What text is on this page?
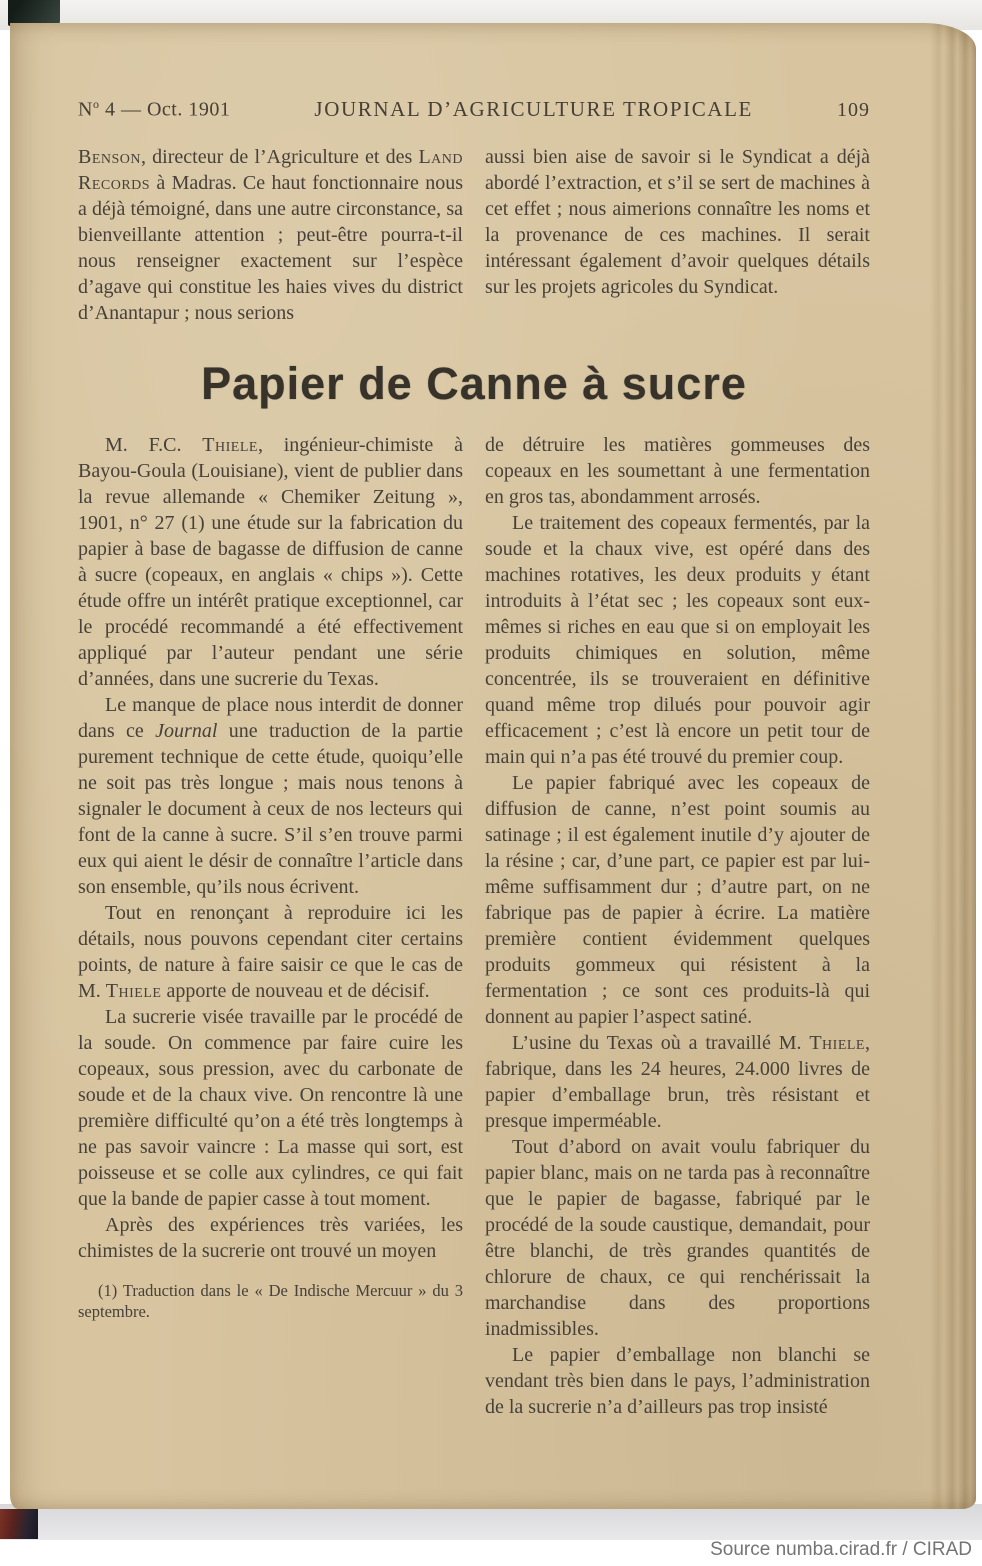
$N^o$ 4 — Oct. 1901	JOURNAL D’AGRICULTURE TROPICALE	109

Benson, directeur de l’Agriculture et des Land Records à Madras. Ce haut fonctionnaire nous a déjà témoigné, dans une autre circonstance, sa bienveillante attention ; peut-être pourra-t-il nous renseigner exactement sur l’espèce d’agave qui constitue les haies vives du district d’Anantapur ; nous serions

aussi bien aise de savoir si le Syndicat a déjà abordé l’extraction, et s’il se sert de machines à cet effet ; nous aimerions connaître les noms et la provenance de ces machines. Il serait intéressant également d’avoir quelques détails sur les projets agricoles du Syndicat.

Papier de Canne à sucre

M. F.C. Thiele, ingénieur-chimiste à Bayou-Goula (Louisiane), vient de publier dans la revue allemande « Chemiker Zeitung », 1901, n° 27 (1) une étude sur la fabrication du papier à base de bagasse de diffusion de canne à sucre (copeaux, en anglais « chips »). Cette étude offre un intérêt pratique exceptionnel, car le procédé recommandé a été effectivement appliqué par l’auteur pendant une série d’années, dans une sucrerie du Texas.

Le manque de place nous interdit de donner dans ce Journal une traduction de la partie purement technique de cette étude, quoiqu’elle ne soit pas très longue ; mais nous tenons à signaler le document à ceux de nos lecteurs qui font de la canne à sucre. S’il s’en trouve parmi eux qui aient le désir de connaître l’article dans son ensemble, qu’ils nous écrivent.

Tout en renonçant à reproduire ici les détails, nous pouvons cependant citer certains points, de nature à faire saisir ce que le cas de M. Thiele apporte de nouveau et de décisif.

La sucrerie visée travaille par le procédé de la soude. On commence par faire cuire les copeaux, sous pression, avec du carbonate de soude et de la chaux vive. On rencontre là une première difficulté qu’on a été très longtemps à ne pas savoir vaincre : La masse qui sort, est poisseuse et se colle aux cylindres, ce qui fait que la bande de papier casse à tout moment.

Après des expériences très variées, les chimistes de la sucrerie ont trouvé un moyen

(1) Traduction dans le « De Indische Mercuur » du 3 septembre.

de détruire les matières gommeuses des copeaux en les soumettant à une fermentation en gros tas, abondamment arrosés.

Le traitement des copeaux fermentés, par la soude et la chaux vive, est opéré dans des machines rotatives, les deux produits y étant introduits à l’état sec ; les copeaux sont eux-mêmes si riches en eau que si on employait les produits chimiques en solution, même concentrée, ils se trouveraient en définitive quand même trop dilués pour pouvoir agir efficacement ; c’est là encore un petit tour de main qui n’a pas été trouvé du premier coup.

Le papier fabriqué avec les copeaux de diffusion de canne, n’est point soumis au satinage ; il est également inutile d’y ajouter de la résine ; car, d’une part, ce papier est par lui-même suffisamment dur ; d’autre part, on ne fabrique pas de papier à écrire. La matière première contient évidemment quelques produits gommeux qui résistent à la fermentation ; ce sont ces produits-là qui donnent au papier l’aspect satiné.

L’usine du Texas où a travaillé M. Thiele, fabrique, dans les 24 heures, 24.000 livres de papier d’emballage brun, très résistant et presque imperméable.

Tout d’abord on avait voulu fabriquer du papier blanc, mais on ne tarda pas à reconnaître que le papier de bagasse, fabriqué par le procédé de la soude caustique, demandait, pour être blanchi, de très grandes quantités de chlorure de chaux, ce qui renchérissait la marchandise dans des proportions inadmissibles.

Le papier d’emballage non blanchi se vendant très bien dans le pays, l’administration de la sucrerie n’a d’ailleurs pas trop insisté

Source numba.cirad.fr / CIRAD
